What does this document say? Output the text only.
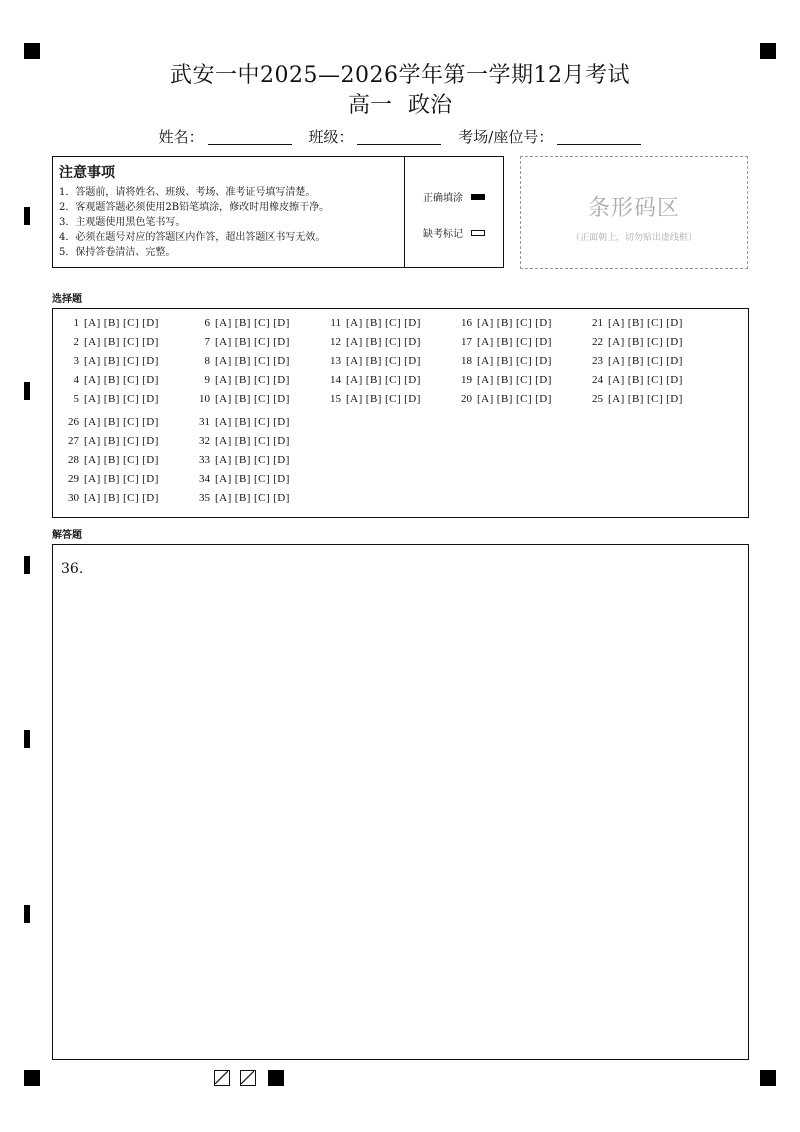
武安一中2025—2026学年第一学期12月考试
高一 政治
姓名：	班级：	考场/座位号：
注意事项
1．答题前，请将姓名、班级、考场、准考证号填写清楚。
2．客观题答题必须使用2B铅笔填涂，修改时用橡皮擦干净。
3．主观题使用黑色笔书写。
4．必须在题号对应的答题区内作答，超出答题区书写无效。
5．保持答卷清洁、完整。
正确填涂
缺考标记
条形码区
（正面朝上，切勿贴出虚线框）
选择题
1 [A] [B] [C] [D]
2 [A] [B] [C] [D]
3 [A] [B] [C] [D]
4 [A] [B] [C] [D]
5 [A] [B] [C] [D]
6 [A] [B] [C] [D]
7 [A] [B] [C] [D]
8 [A] [B] [C] [D]
9 [A] [B] [C] [D]
10 [A] [B] [C] [D]
11 [A] [B] [C] [D]
12 [A] [B] [C] [D]
13 [A] [B] [C] [D]
14 [A] [B] [C] [D]
15 [A] [B] [C] [D]
16 [A] [B] [C] [D]
17 [A] [B] [C] [D]
18 [A] [B] [C] [D]
19 [A] [B] [C] [D]
20 [A] [B] [C] [D]
21 [A] [B] [C] [D]
22 [A] [B] [C] [D]
23 [A] [B] [C] [D]
24 [A] [B] [C] [D]
25 [A] [B] [C] [D]
26 [A] [B] [C] [D]
27 [A] [B] [C] [D]
28 [A] [B] [C] [D]
29 [A] [B] [C] [D]
30 [A] [B] [C] [D]
31 [A] [B] [C] [D]
32 [A] [B] [C] [D]
33 [A] [B] [C] [D]
34 [A] [B] [C] [D]
35 [A] [B] [C] [D]
解答题
36.
